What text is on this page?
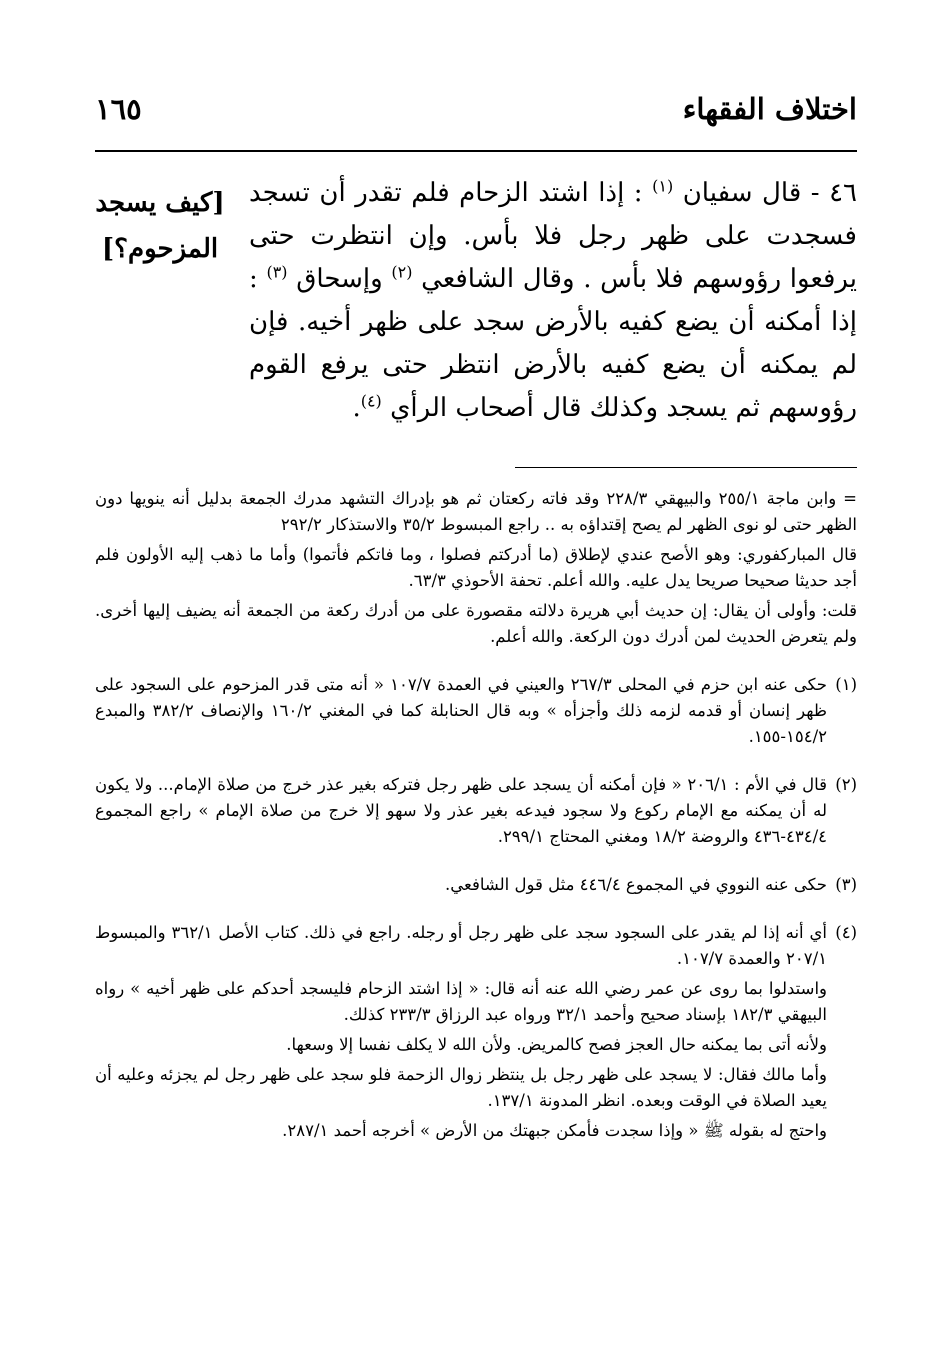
اختلاف الفقهاء
١٦٥
[كيف يسجد
المزحوم؟]

٤٦ - قال سفيان $^{(١)}$ : إذا اشتد الزحام فلم تقدر أن تسجد فسجدت على ظهر رجل فلا بأس. وإن انتظرت حتى يرفعوا رؤوسهم فلا بأس . وقال الشافعي $^{(٢)}$ وإسحاق $^{(٣)}$ : إذا أمكنه أن يضع كفيه بالأرض سجد على ظهر أخيه. فإن لم يمكنه أن يضع كفيه بالأرض انتظر حتى يرفع القوم رؤوسهم ثم يسجد وكذلك قال أصحاب الرأي $^{(٤)}$.

= وابن ماجة ٢٥٥/١ والبيهقي ٢٢٨/٣ وقد فاته ركعتان ثم هو بإدراك التشهد مدرك الجمعة بدليل أنه ينويها دون الظهر حتى لو نوى الظهر لم يصح إقتداؤه به .. راجع المبسوط ٣٥/٢ والاستذكار ٢٩٢/٢

قال المباركفوري: وهو الأصح عندي لإطلاق (ما أدركتم فصلوا ، وما فاتكم فأتموا) وأما ما ذهب إليه الأولون فلم أجد حديثا صحيحا صريحا يدل عليه. والله أعلم. تحفة الأحوذي ٦٣/٣.

قلت: وأولى أن يقال: إن حديث أبي هريرة دلالته مقصورة على من أدرك ركعة من الجمعة أنه يضيف إليها أخرى. ولم يتعرض الحديث لمن أدرك دون الركعة. والله أعلم.

(١)

حكى عنه ابن حزم في المحلى ٢٦٧/٣ والعيني في العمدة ١٠٧/٧ « أنه متى قدر المزحوم على السجود على ظهر إنسان أو قدمه لزمه ذلك وأجزأه » وبه قال الحنابلة كما في المغني ١٦٠/٢ والإنصاف ٣٨٢/٢ والمبدع ١٥٤/٢-١٥٥.

(٢)

قال في الأم : ٢٠٦/١ « فإن أمكنه أن يسجد على ظهر رجل فتركه بغير عذر خرج من صلاة الإمام... ولا يكون له أن يمكنه مع الإمام ركوع ولا سجود فيدعه بغير عذر ولا سهو إلا خرج من صلاة الإمام » راجع المجموع ٤٣٤/٤-٤٣٦ والروضة ١٨/٢ ومغني المحتاج ٢٩٩/١.

(٣)

حكى عنه النووي في المجموع ٤٤٦/٤ مثل قول الشافعي.

(٤)

أي أنه إذا لم يقدر على السجود سجد على ظهر رجل أو رجله. راجع في ذلك. كتاب الأصل ٣٦٢/١ والمبسوط ٢٠٧/١ والعمدة ١٠٧/٧.

واستدلوا بما روى عن عمر رضي الله عنه أنه قال: « إذا اشتد الزحام فليسجد أحدكم على ظهر أخيه » رواه البيهقي ١٨٢/٣ بإسناد صحيح وأحمد ٣٢/١ ورواه عبد الرزاق ٢٣٣/٣ كذلك.

ولأنه أتى بما يمكنه حال العجز فصح كالمريض. ولأن الله لا يكلف نفسا إلا وسعها.

وأما مالك فقال: لا يسجد على ظهر رجل بل ينتظر زوال الزحمة فلو سجد على ظهر رجل لم يجزئه وعليه أن يعيد الصلاة في الوقت وبعده. انظر المدونة ١٣٧/١.

واحتج له بقوله ﷺ « وإذا سجدت فأمكن جبهتك من الأرض » أخرجه أحمد ٢٨٧/١.
